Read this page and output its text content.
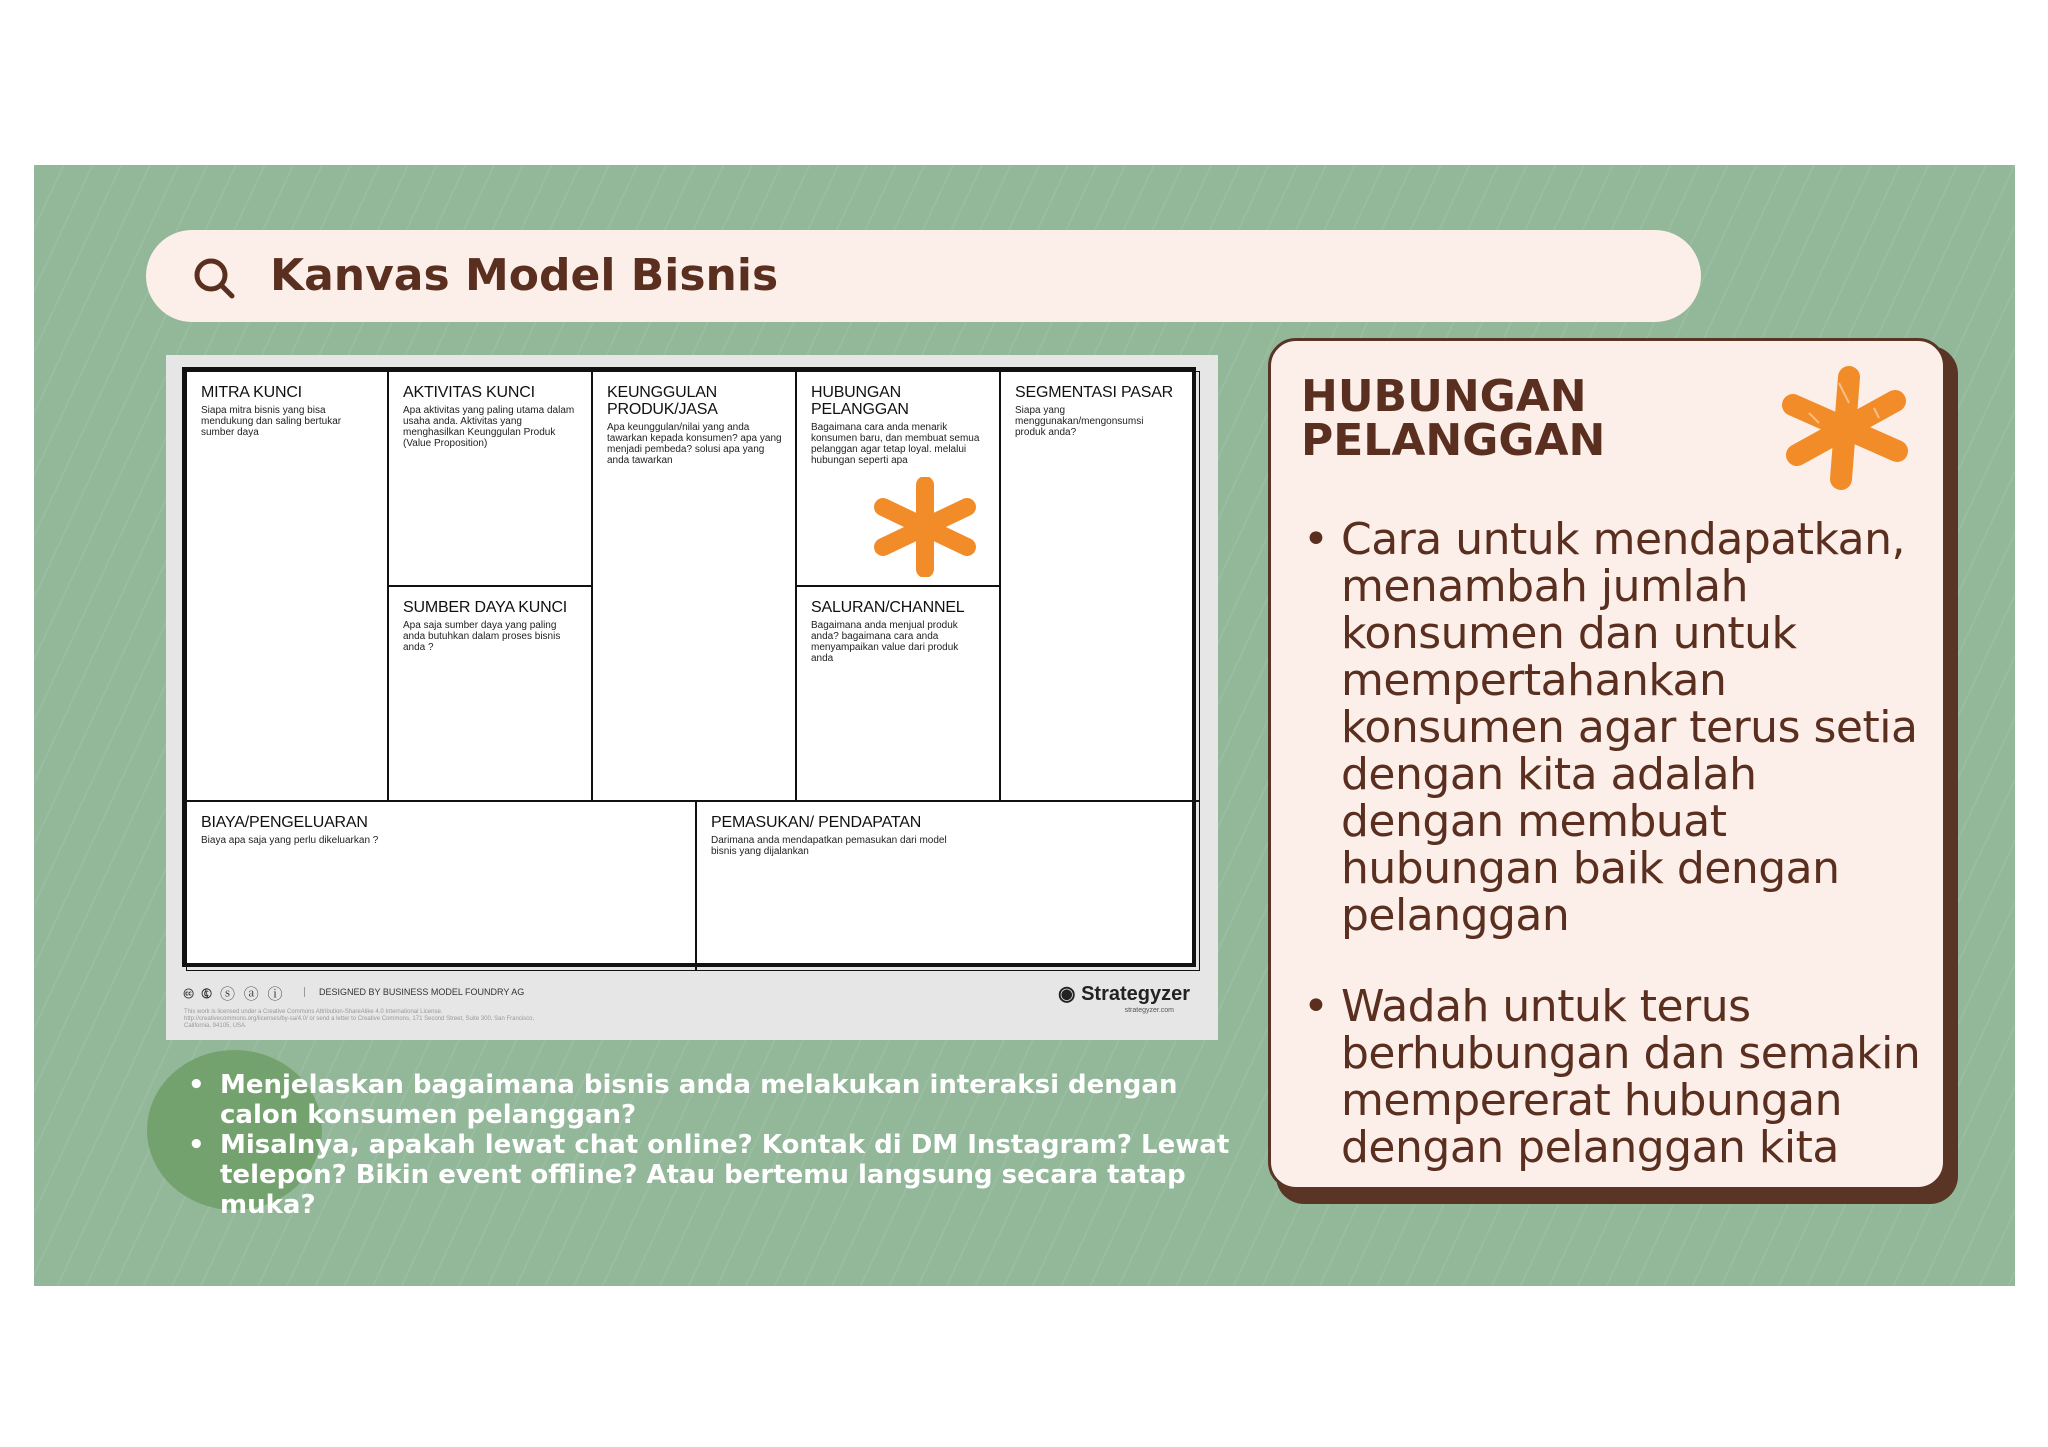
Kanvas Model Bisnis
MITRA KUNCI
Siapa mitra bisnis yang bisa mendukung dan saling bertukar sumber daya
AKTIVITAS KUNCI
Apa aktivitas yang paling utama dalam usaha anda. Aktivitas yang menghasilkan Keunggulan Produk (Value Proposition)
SUMBER DAYA KUNCI
Apa saja sumber daya yang paling anda butuhkan dalam proses bisnis anda ?
KEUNGGULAN PRODUK/JASA
Apa keunggulan/nilai yang anda tawarkan kepada konsumen? apa yang menjadi pembeda? solusi apa yang anda tawarkan
HUBUNGAN PELANGGAN
Bagaimana cara anda menarik konsumen baru, dan membuat semua pelanggan agar tetap loyal. melalui hubungan seperti apa
SALURAN/CHANNEL
Bagaimana anda menjual produk anda? bagaimana cara anda menyampaikan value dari produk anda
SEGMENTASI PASAR
Siapa yang menggunakan/mengonsumsi produk anda?
BIAYA/PENGELUARAN
Biaya apa saja yang perlu dikeluarkan ?
PEMASUKAN/ PENDAPATAN
Darimana anda mendapatkan pemasukan dari model bisnis yang dijalankan
🅭 🅮 ⓢ ⓐ ⓘ	DESIGNED BY BUSINESS MODEL FOUNDRY AG
This work is licensed under a Creative Commons Attribution-ShareAlike 4.0 International License. http://creativecommons.org/licenses/by-sa/4.0/ or send a letter to Creative Commons, 171 Second Street, Suite 300, San Francisco, California, 94105, USA.
◉ Strategyzer
strategyzer.com
• Menjelaskan bagaimana bisnis anda melakukan interaksi dengan calon konsumen pelanggan?
• Misalnya, apakah lewat chat online? Kontak di DM Instagram? Lewat telepon? Bikin event offline? Atau bertemu langsung secara tatap muka?
HUBUNGAN
PELANGGAN
• Cara untuk mendapatkan, menambah jumlah konsumen dan untuk mempertahankan konsumen agar terus setia dengan kita adalah dengan membuat hubungan baik dengan pelanggan
• Wadah untuk terus berhubungan dan semakin mempererat hubungan dengan pelanggan kita
